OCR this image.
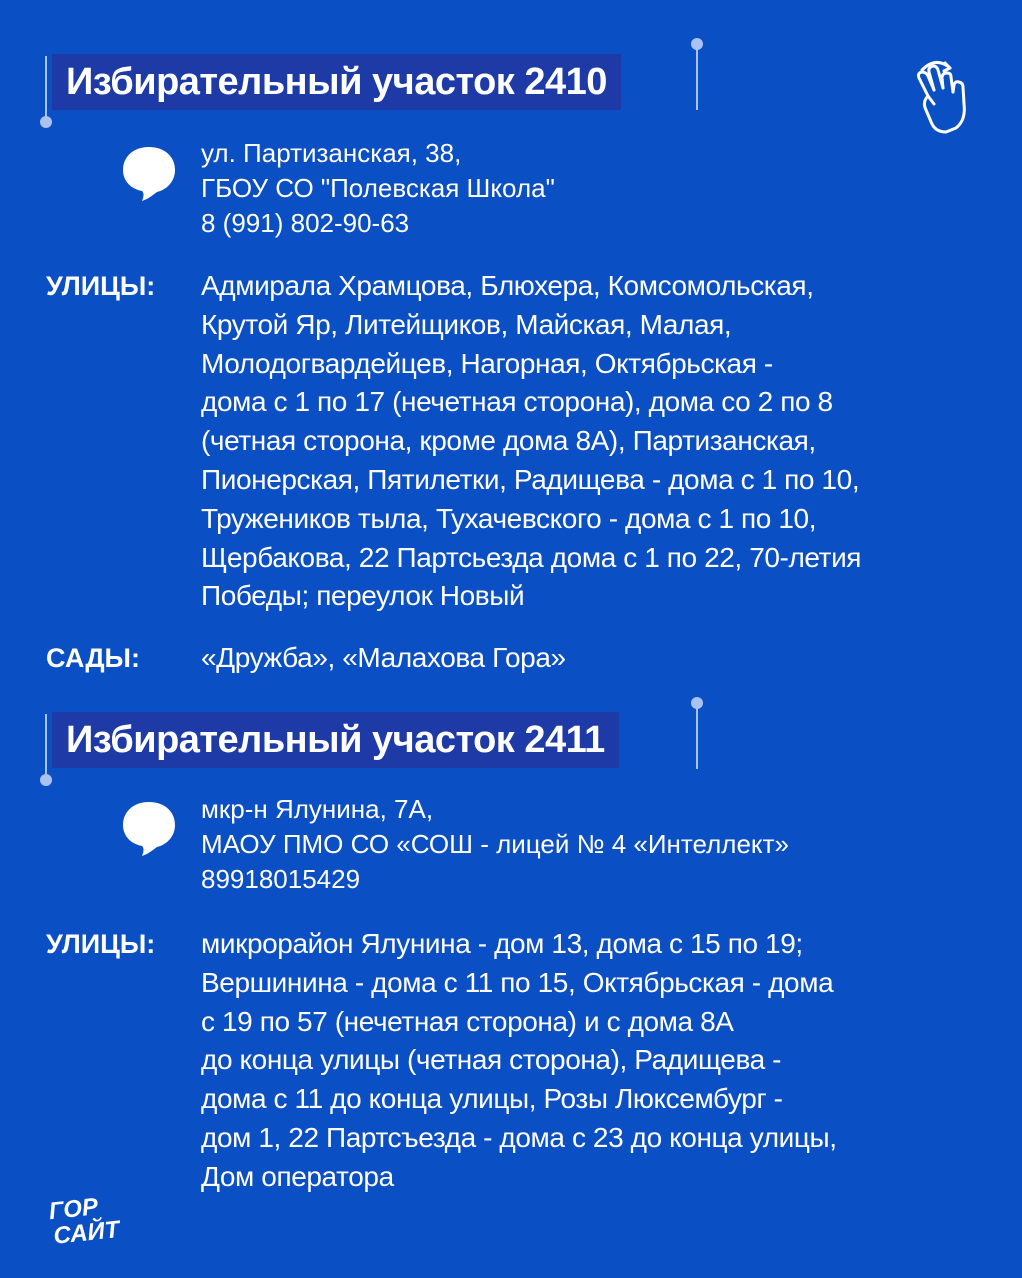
Избирательный участок 2410
ул. Партизанская, 38,
ГБОУ СО "Полевская Школа"
8 (991) 802-90-63
УЛИЦЫ: Адмирала Храмцова, Блюхера, Комсомольская,
Крутой Яр, Литейщиков, Майская, Малая,
Молодогвардейцев, Нагорная, Октябрьская -
дома с 1 по 17 (нечетная сторона), дома со 2 по 8
(четная сторона, кроме дома 8А), Партизанская,
Пионерская, Пятилетки, Радищева - дома с 1 по 10,
Тружеников тыла, Тухачевского - дома с 1 по 10,
Щербакова, 22 Партсьезда дома с 1 по 22, 70-летия
Победы; переулок Новый
САДЫ: «Дружба», «Малахова Гора»
Избирательный участок 2411
мкр-н Ялунина, 7А,
МАОУ ПМО СО «СОШ - лицей № 4 «Интеллект»
89918015429
УЛИЦЫ: микрорайон Ялунина - дом 13, дома с 15 по 19;
Вершинина - дома с 11 по 15, Октябрьская - дома
с 19 по 57 (нечетная сторона) и с дома 8А
до конца улицы (четная сторона), Радищева -
дома с 11 до конца улицы, Розы Люксембург -
дом 1, 22 Партсъезда - дома с 23 до конца улицы,
Дом оператора
ГОР
САЙТ
